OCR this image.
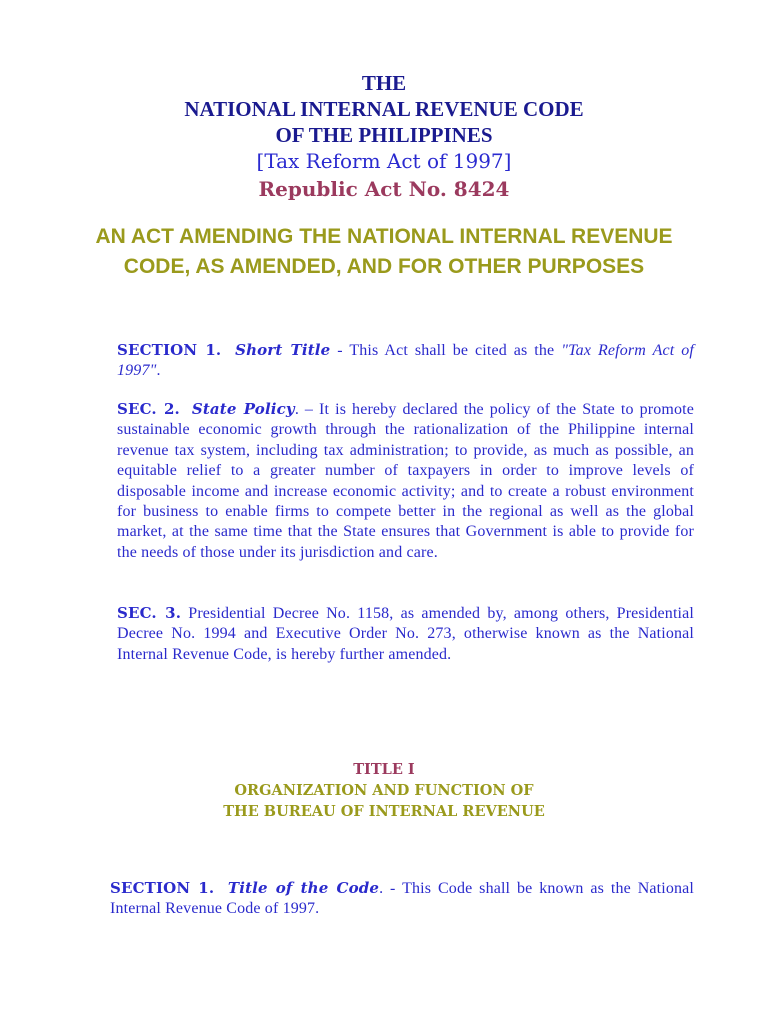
THE
NATIONAL INTERNAL REVENUE CODE
OF THE PHILIPPINES
[Tax Reform Act of 1997]
Republic Act No. 8424
AN ACT AMENDING THE NATIONAL INTERNAL REVENUE CODE, AS AMENDED, AND FOR OTHER PURPOSES

SECTION 1. Short Title - This Act shall be cited as the "Tax Reform Act of 1997".

SEC. 2. State Policy. – It is hereby declared the policy of the State to promote sustainable economic growth through the rationalization of the Philippine internal revenue tax system, including tax administration; to provide, as much as possible, an equitable relief to a greater number of taxpayers in order to improve levels of disposable income and increase economic activity; and to create a robust environment for business to enable firms to compete better in the regional as well as the global market, at the same time that the State ensures that Government is able to provide for the needs of those under its jurisdiction and care.

SEC. 3. Presidential Decree No. 1158, as amended by, among others, Presidential Decree No. 1994 and Executive Order No. 273, otherwise known as the National Internal Revenue Code, is hereby further amended.

TITLE I
ORGANIZATION AND FUNCTION OF
THE BUREAU OF INTERNAL REVENUE

SECTION 1. Title of the Code. - This Code shall be known as the National Internal Revenue Code of 1997.
